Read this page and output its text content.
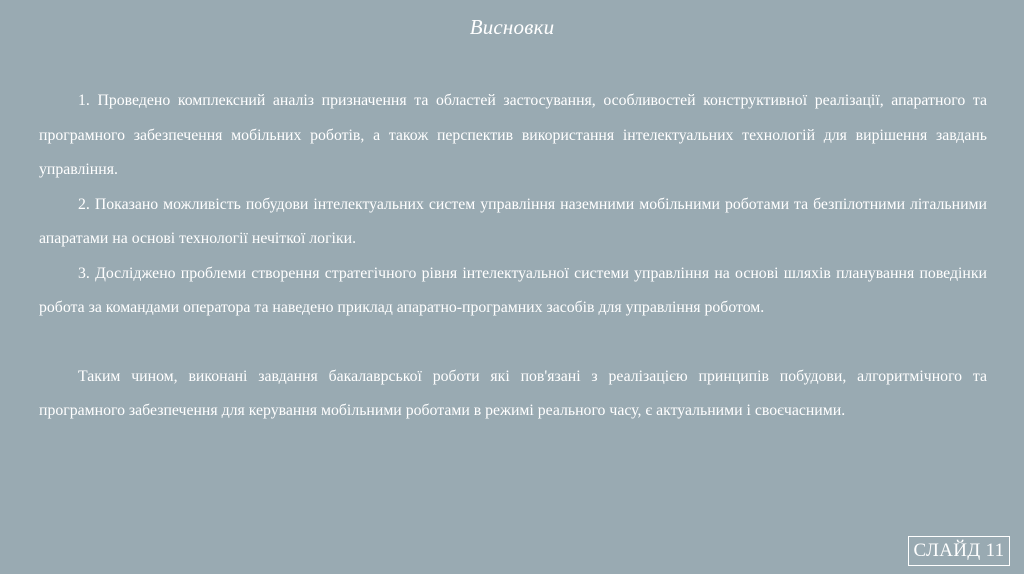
Висновки

1. Проведено комплексний аналіз призначення та областей застосування, особливостей конструктивної реалізації, апаратного та програмного забезпечення мобільних роботів, а також перспектив використання інтелектуальних технологій для вирішення завдань управління.

2. Показано можливість побудови інтелектуальних систем управління наземними мобільними роботами та безпілотними літальними апаратами на основі технології нечіткої логіки.

3. Досліджено проблеми створення стратегічного рівня інтелектуальної системи управління на основі шляхів планування поведінки робота за командами оператора та наведено приклад апаратно-програмних засобів для управління роботом.

Таким чином, виконані завдання бакалаврської роботи які пов'язані з реалізацією принципів побудови, алгоритмічного та програмного забезпечення для керування мобільними роботами в режимі реального часу, є актуальними і своєчасними.

СЛАЙД 11
